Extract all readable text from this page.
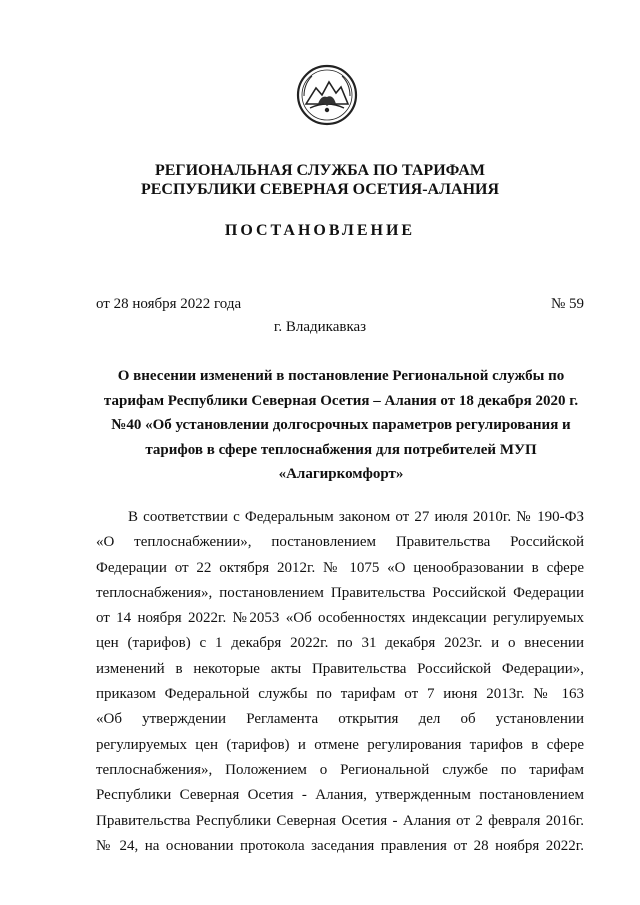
РЕГИОНАЛЬНАЯ СЛУЖБА ПО ТАРИФАМ
РЕСПУБЛИКИ СЕВЕРНАЯ ОСЕТИЯ-АЛАНИЯ
ПОСТАНОВЛЕНИЕ
от 28 ноября 2022 года	№ 59
г. Владикавказ
О внесении изменений в постановление Региональной службы по
тарифам Республики Северная Осетия – Алания от 18 декабря 2020 г.
№40 «Об установлении долгосрочных параметров регулирования и
тарифов в сфере теплоснабжения для потребителей МУП
«Алагиркомфорт»
В соответствии с Федеральным законом от 27 июля 2010г. № 190-ФЗ
«О теплоснабжении», постановлением Правительства Российской
Федерации от 22 октября 2012г. № 1075 «О ценообразовании в сфере
теплоснабжения», постановлением Правительства Российской Федерации
от 14 ноября 2022г. №2053 «Об особенностях индексации регулируемых
цен (тарифов) с 1 декабря 2022г. по 31 декабря 2023г. и о внесении
изменений в некоторые акты Правительства Российской Федерации»,
приказом Федеральной службы по тарифам от 7 июня 2013г. № 163
«Об утверждении Регламента открытия дел об установлении
регулируемых цен (тарифов) и отмене регулирования тарифов в сфере
теплоснабжения», Положением о Региональной службе по тарифам
Республики Северная Осетия - Алания, утвержденным постановлением
Правительства Республики Северная Осетия - Алания от 2 февраля 2016г.
№ 24, на основании протокола заседания правления от 28 ноября 2022г.
